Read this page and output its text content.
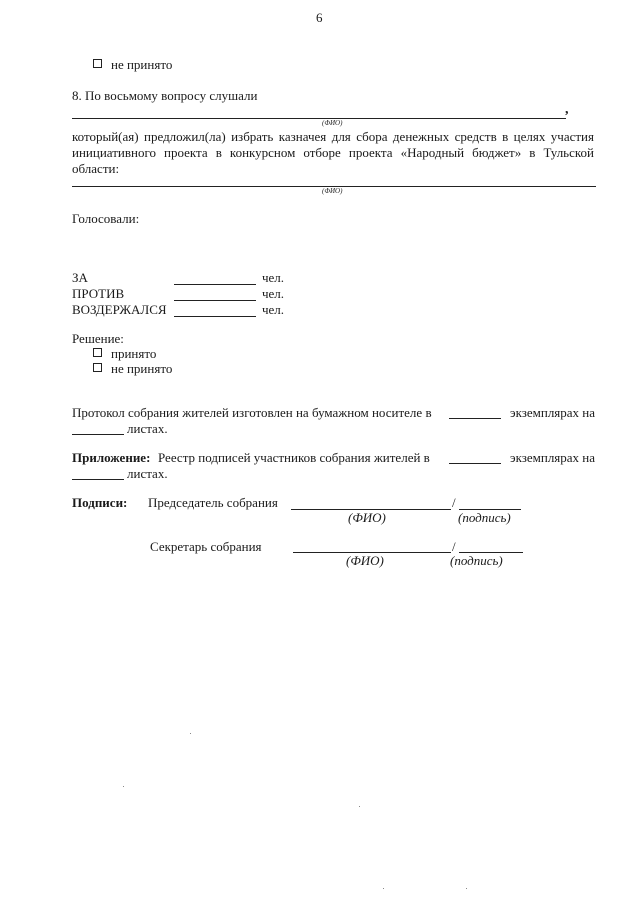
6
не принято
8. По восьмому вопросу слушали
,
(ФИО)
который(ая) предложил(ла) избрать казначея для сбора денежных средств в целях участия
инициативного проекта в конкурсном отборе проекта «Народный бюджет» в Тульской
области:
(ФИО)
Голосовали:
ЗА	чел.
ПРОТИВ	чел.
ВОЗДЕРЖАЛСЯ	чел.
Решение:
принято
не принято
Протокол собрания жителей изготовлен на бумажном носителе в	экземплярах на
листах.
Приложение: Реестр подписей участников собрания жителей в	экземплярах на
листах.
Подписи: Председатель собрания	/
(ФИО)	(подпись)
Секретарь собрания	/
(ФИО)	(подпись)
